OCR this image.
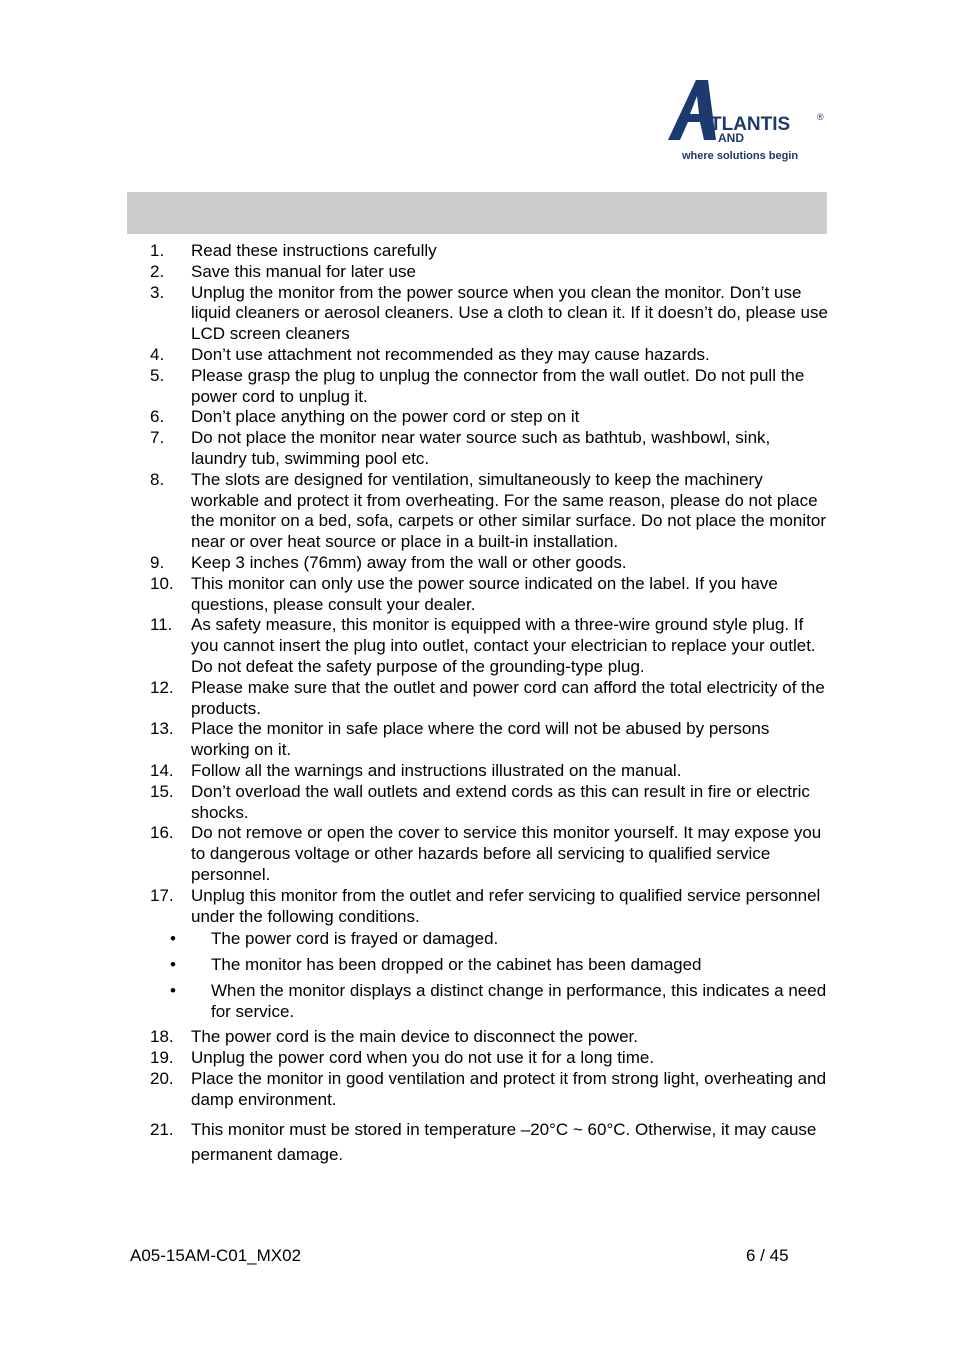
TLANTIS	®
AND
where solutions begin
1.	Read these instructions carefully
2.	Save this manual for later use
3.	Unplug the monitor from the power source when you clean the monitor. Don’t use liquid cleaners or aerosol cleaners. Use a cloth to clean it. If it doesn’t do, please use LCD screen cleaners
4.	Don’t use attachment not recommended as they may cause hazards.
5.	Please grasp the plug to unplug the connector from the wall outlet. Do not pull the power cord to unplug it.
6.	Don’t place anything on the power cord or step on it
7.	Do not place the monitor near water source such as bathtub, washbowl, sink, laundry tub, swimming pool etc.
8.	The slots are designed for ventilation, simultaneously to keep the machinery workable and protect it from overheating. For the same reason, please do not place the monitor on a bed, sofa, carpets or other similar surface. Do not place the monitor near or over heat source or place in a built-in installation.
9.	Keep 3 inches (76mm) away from the wall or other goods.
10.	This monitor can only use the power source indicated on the label. If you have questions, please consult your dealer.
11.	As safety measure, this monitor is equipped with a three-wire ground style plug. If you cannot insert the plug into outlet, contact your electrician to replace your outlet. Do not defeat the safety purpose of the grounding-type plug.
12.	Please make sure that the outlet and power cord can afford the total electricity of the products.
13.	Place the monitor in safe place where the cord will not be abused by persons working on it.
14.	Follow all the warnings and instructions illustrated on the manual.
15.	Don’t overload the wall outlets and extend cords as this can result in fire or electric shocks.
16.	Do not remove or open the cover to service this monitor yourself. It may expose you to dangerous voltage or other hazards before all servicing to qualified service personnel.
17.	Unplug this monitor from the outlet and refer servicing to qualified service personnel under the following conditions.
•	The power cord is frayed or damaged.
•	The monitor has been dropped or the cabinet has been damaged
•	When the monitor displays a distinct change in performance, this indicates a need for service.
18.	The power cord is the main device to disconnect the power.
19.	Unplug the power cord when you do not use it for a long time.
20.	Place the monitor in good ventilation and protect it from strong light, overheating and damp environment.
21.	This monitor must be stored in temperature –20°C ~ 60°C. Otherwise, it may cause permanent damage.
A05-15AM-C01_MX02	6 / 45
